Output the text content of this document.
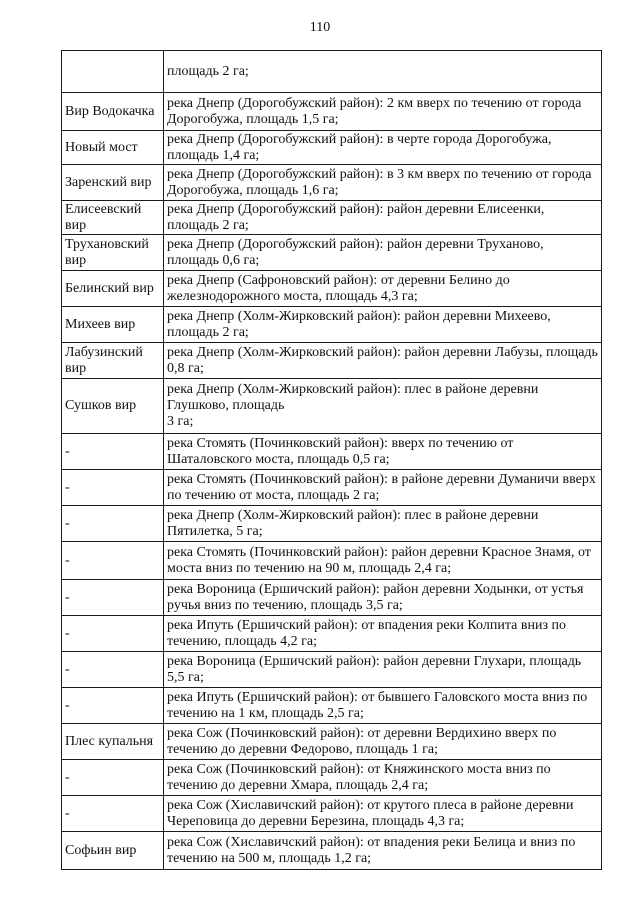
110
	площадь 2 га;
Вир Водокачка	река Днепр (Дорогобужский район): 2 км вверх по течению от города Дорогобужа, площадь 1,5 га;
Новый мост	река Днепр (Дорогобужский район): в черте города Дорогобужа, площадь 1,4 га;
Заренский вир	река Днепр (Дорогобужский район): в 3 км вверх по течению от города Дорогобужа, площадь 1,6 га;
Елисеевский вир	река Днепр (Дорогобужский район): район деревни Елисеенки, площадь 2 га;
Трухановский вир	река Днепр (Дорогобужский район): район деревни Труханово, площадь 0,6 га;
Белинский вир	река Днепр (Сафроновский район): от деревни Белино до железнодорожного моста, площадь 4,3 га;
Михеев вир	река Днепр (Холм-Жирковский район): район деревни Михеево, площадь 2 га;
Лабузинский вир	река Днепр (Холм-Жирковский район): район деревни Лабузы, площадь 0,8 га;
Сушков вир	река Днепр (Холм-Жирковский район): плес в районе деревни Глушково, площадь
3 га;
-	река Стомять (Починковский район): вверх по течению от Шаталовского моста, площадь 0,5 га;
-	река Стомять (Починковский район): в районе деревни Думаничи вверх по течению от моста, площадь 2 га;
-	река Днепр (Холм-Жирковский район): плес в районе деревни Пятилетка, 5 га;
-	река Стомять (Починковский район): район деревни Красное Знамя, от моста вниз по течению на 90 м, площадь 2,4 га;
-	река Вороница (Ершичский район): район деревни Ходынки, от устья ручья вниз по течению, площадь 3,5 га;
-	река Ипуть (Ершичский район): от впадения реки Колпита вниз по течению, площадь 4,2 га;
-	река Вороница (Ершичский район): район деревни Глухари, площадь 5,5 га;
-	река Ипуть (Ершичский район): от бывшего Галовского моста вниз по течению на 1 км, площадь 2,5 га;
Плес купальня	река Сож (Починковский район): от деревни Вердихино вверх по течению до деревни Федорово, площадь 1 га;
-	река Сож (Починковский район): от Княжинского моста вниз по течению до деревни Хмара, площадь 2,4 га;
-	река Сож (Хиславичский район): от крутого плеса в районе деревни Череповица до деревни Березина, площадь 4,3 га;
Софьин вир	река Сож (Хиславичский район): от впадения реки Белица и вниз по течению на 500 м, площадь 1,2 га;
